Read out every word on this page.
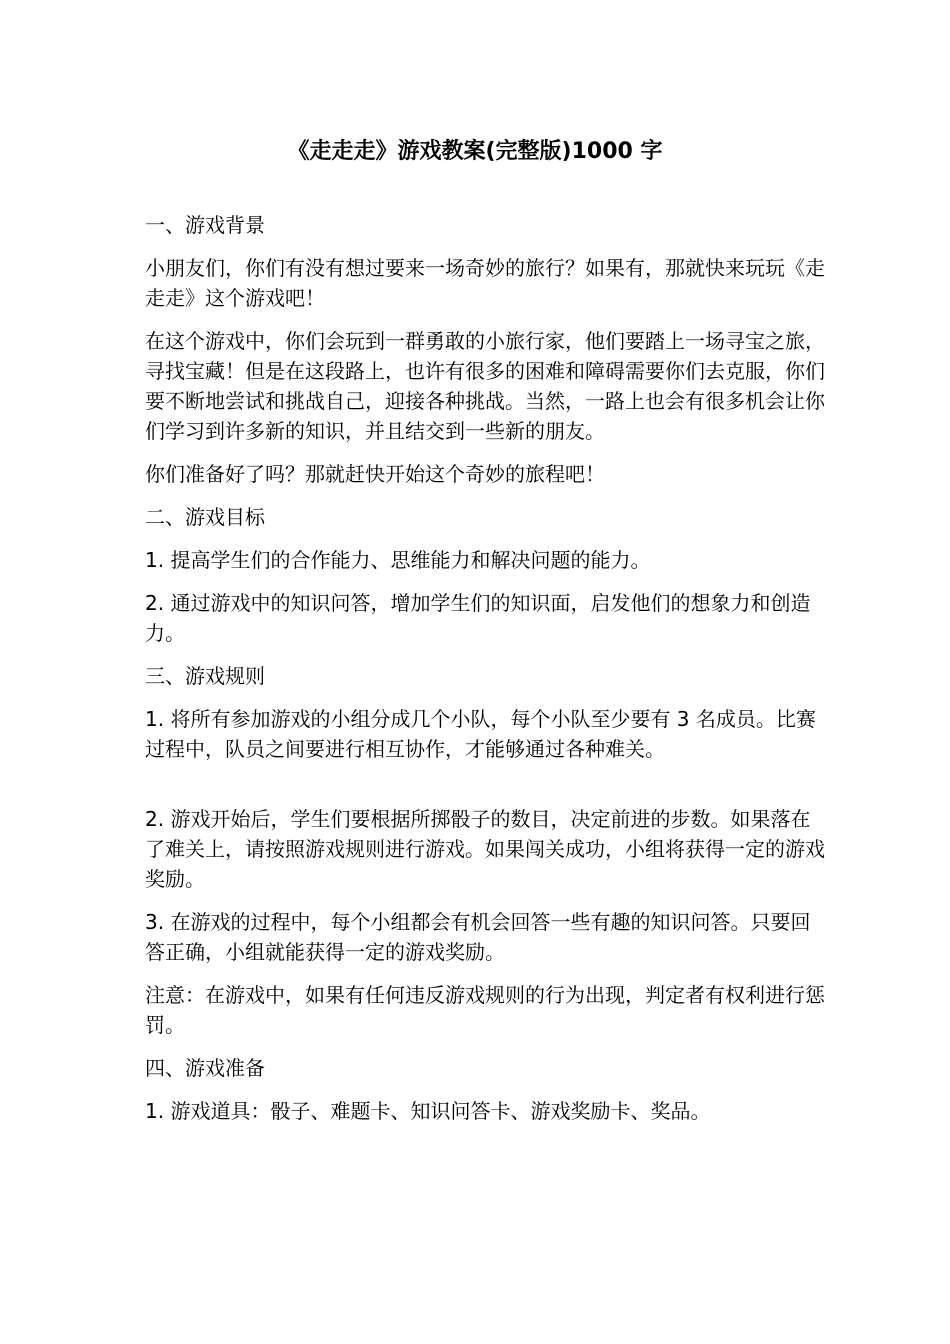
《走走走》游戏教案(完整版)1000 字

一、游戏背景

小朋友们，你们有没有想过要来一场奇妙的旅行？如果有，那就快来玩玩《走走走》这个游戏吧！

在这个游戏中，你们会玩到一群勇敢的小旅行家，他们要踏上一场寻宝之旅，寻找宝藏！但是在这段路上，也许有很多的困难和障碍需要你们去克服，你们要不断地尝试和挑战自己，迎接各种挑战。当然，一路上也会有很多机会让你们学习到许多新的知识，并且结交到一些新的朋友。

你们准备好了吗？那就赶快开始这个奇妙的旅程吧！

二、游戏目标

1. 提高学生们的合作能力、思维能力和解决问题的能力。

2. 通过游戏中的知识问答，增加学生们的知识面，启发他们的想象力和创造力。

三、游戏规则

1. 将所有参加游戏的小组分成几个小队，每个小队至少要有 3 名成员。比赛过程中，队员之间要进行相互协作，才能够通过各种难关。

2. 游戏开始后，学生们要根据所掷骰子的数目，决定前进的步数。如果落在了难关上，请按照游戏规则进行游戏。如果闯关成功，小组将获得一定的游戏奖励。

3. 在游戏的过程中，每个小组都会有机会回答一些有趣的知识问答。只要回答正确，小组就能获得一定的游戏奖励。

注意：在游戏中，如果有任何违反游戏规则的行为出现，判定者有权利进行惩罚。

四、游戏准备

1. 游戏道具：骰子、难题卡、知识问答卡、游戏奖励卡、奖品。
